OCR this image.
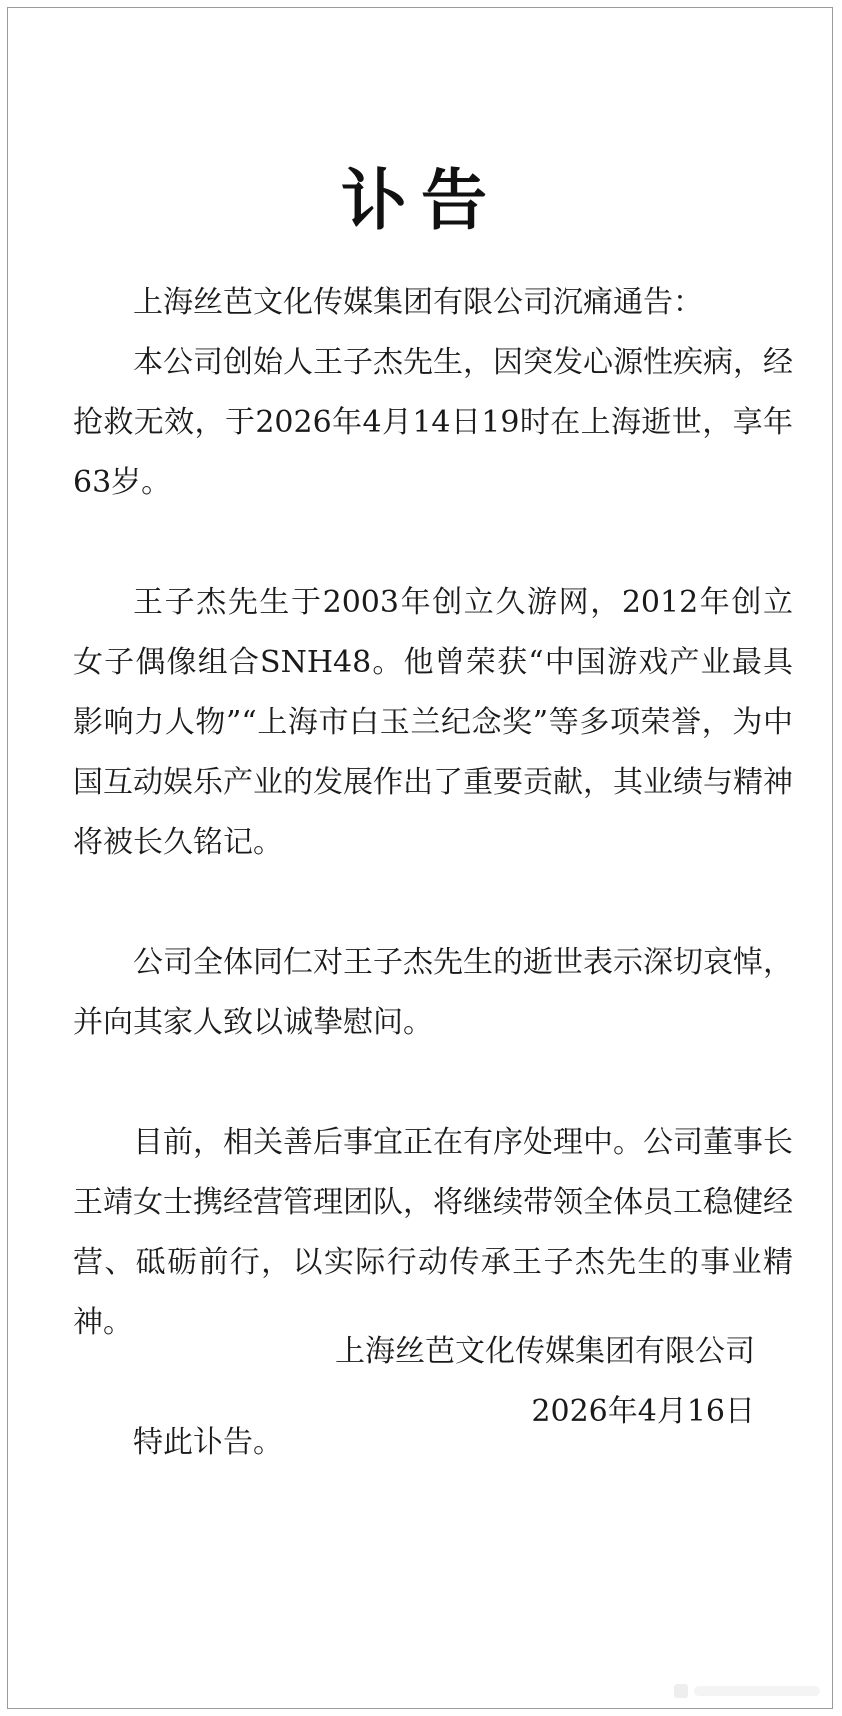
讣告

上海丝芭文化传媒集团有限公司沉痛通告：

本公司创始人王子杰先生，因突发心源性疾病，经抢救无效，于2026年4月14日19时在上海逝世，享年63岁。

王子杰先生于2003年创立久游网，2012年创立女子偶像组合SNH48。他曾荣获“中国游戏产业最具影响力人物”“上海市白玉兰纪念奖”等多项荣誉，为中国互动娱乐产业的发展作出了重要贡献，其业绩与精神将被长久铭记。

公司全体同仁对王子杰先生的逝世表示深切哀悼，并向其家人致以诚挚慰问。

目前，相关善后事宜正在有序处理中。公司董事长王靖女士携经营管理团队，将继续带领全体员工稳健经营、砥砺前行，以实际行动传承王子杰先生的事业精神。

特此讣告。

上海丝芭文化传媒集团有限公司
2026年4月16日
